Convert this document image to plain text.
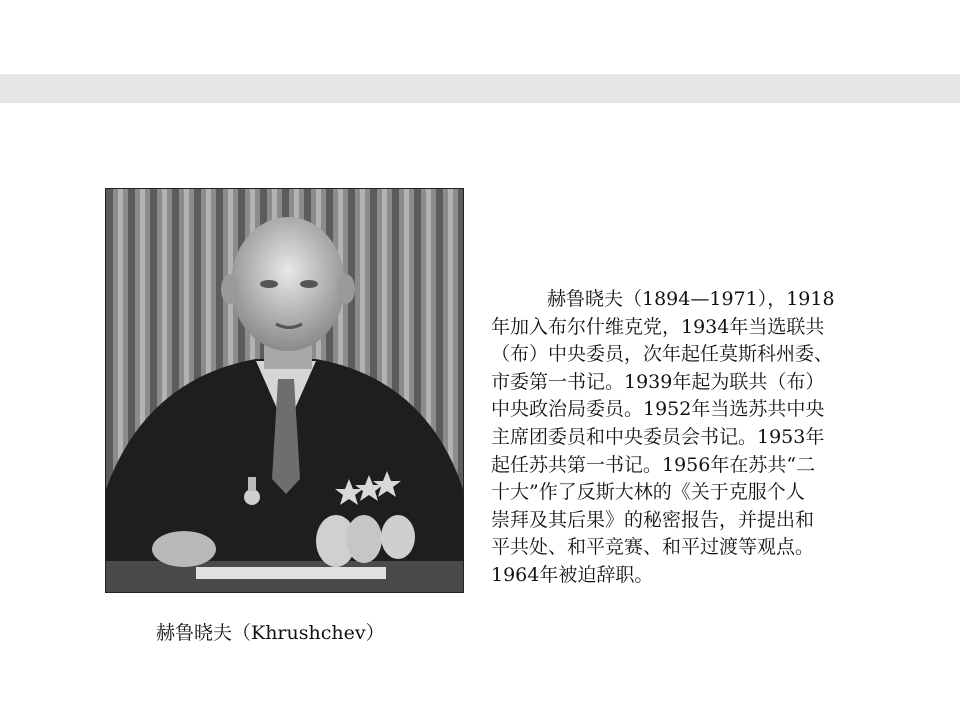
赫鲁晓夫（Khrushchev）

赫鲁晓夫（1894—1971），1918

年加入布尔什维克党，1934年当选联共

（布）中央委员，次年起任莫斯科州委、

市委第一书记。1939年起为联共（布）

中央政治局委员。1952年当选苏共中央

主席团委员和中央委员会书记。1953年

起任苏共第一书记。1956年在苏共“二

十大”作了反斯大林的《关于克服个人

崇拜及其后果》的秘密报告，并提出和

平共处、和平竞赛、和平过渡等观点。

1964年被迫辞职。
